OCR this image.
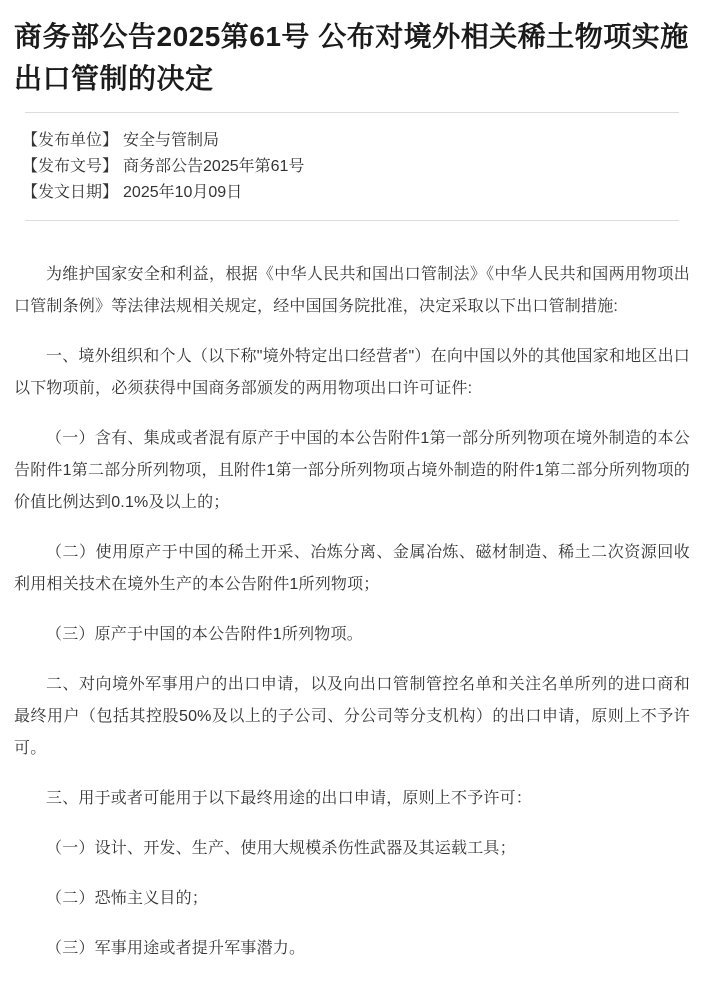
商务部公告2025第61号 公布对境外相关稀土物项实施出口管制的决定
【发布单位】 安全与管制局
【发布文号】 商务部公告2025年第61号
【发文日期】 2025年10月09日

为维护国家安全和利益，根据《中华人民共和国出口管制法》《中华人民共和国两用物项出口管制条例》等法律法规相关规定，经中国国务院批准，决定采取以下出口管制措施:

一、境外组织和个人（以下称"境外特定出口经营者"）在向中国以外的其他国家和地区出口以下物项前，必须获得中国商务部颁发的两用物项出口许可证件:

（一）含有、集成或者混有原产于中国的本公告附件1第一部分所列物项在境外制造的本公告附件1第二部分所列物项，且附件1第一部分所列物项占境外制造的附件1第二部分所列物项的价值比例达到0.1%及以上的；

（二）使用原产于中国的稀土开采、冶炼分离、金属冶炼、磁材制造、稀土二次资源回收利用相关技术在境外生产的本公告附件1所列物项；

（三）原产于中国的本公告附件1所列物项。

二、对向境外军事用户的出口申请，以及向出口管制管控名单和关注名单所列的进口商和最终用户（包括其控股50%及以上的子公司、分公司等分支机构）的出口申请，原则上不予许可。

三、用于或者可能用于以下最终用途的出口申请，原则上不予许可：

（一）设计、开发、生产、使用大规模杀伤性武器及其运载工具；

（二）恐怖主义目的；

（三）军事用途或者提升军事潜力。
